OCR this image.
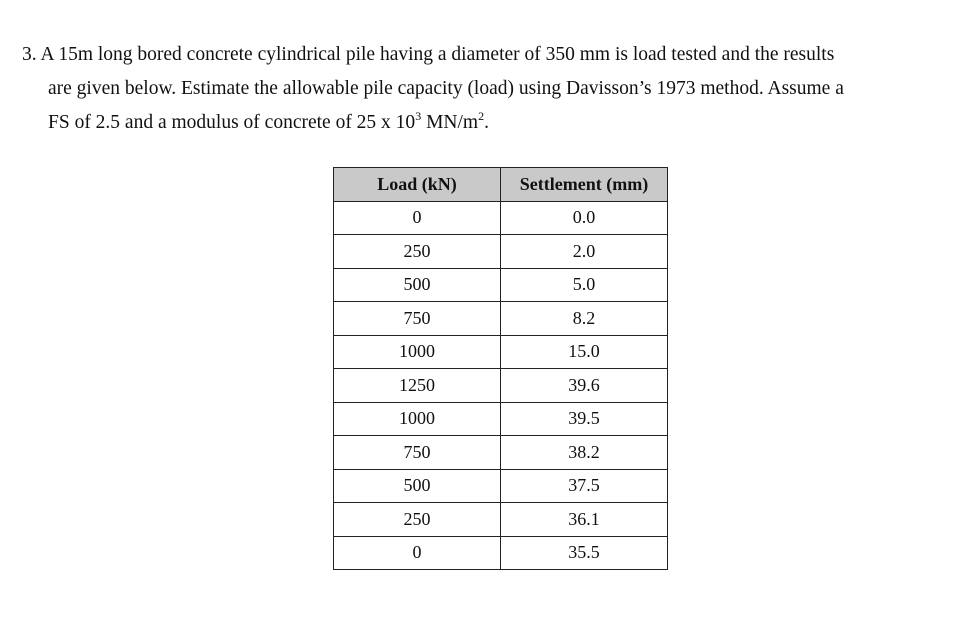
3. A 15m long bored concrete cylindrical pile having a diameter of 350 mm is load tested and the results
are given below. Estimate the allowable pile capacity (load) using Davisson’s 1973 method. Assume a
FS of 2.5 and a modulus of concrete of 25 x $10^3$ $MN/m^2$.
Load (kN)	Settlement (mm)
0	0.0
250	2.0
500	5.0
750	8.2
1000	15.0
1250	39.6
1000	39.5
750	38.2
500	37.5
250	36.1
0	35.5
